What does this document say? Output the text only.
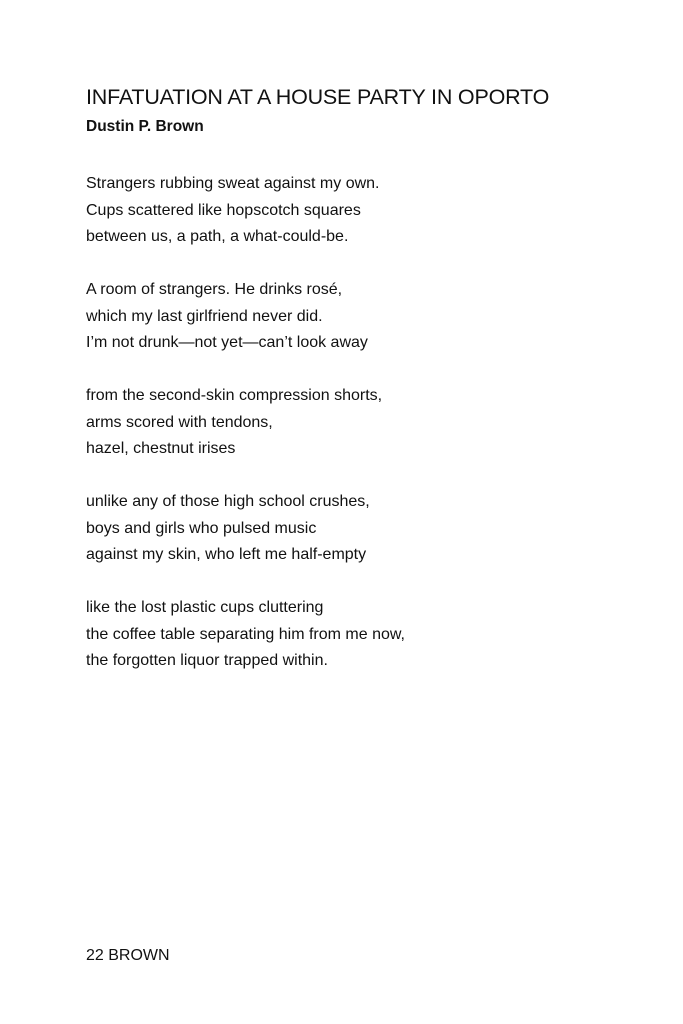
INFATUATION AT A HOUSE PARTY IN OPORTO

Dustin P. Brown

Strangers rubbing sweat against my own.
Cups scattered like hopscotch squares
between us, a path, a what-could-be.
A room of strangers. He drinks rosé,
which my last girlfriend never did.
I’m not drunk—not yet—can’t look away
from the second-skin compression shorts,
arms scored with tendons,
hazel, chestnut irises
unlike any of those high school crushes,
boys and girls who pulsed music
against my skin, who left me half-empty
like the lost plastic cups cluttering
the coffee table separating him from me now,
the forgotten liquor trapped within.
22 BROWN
